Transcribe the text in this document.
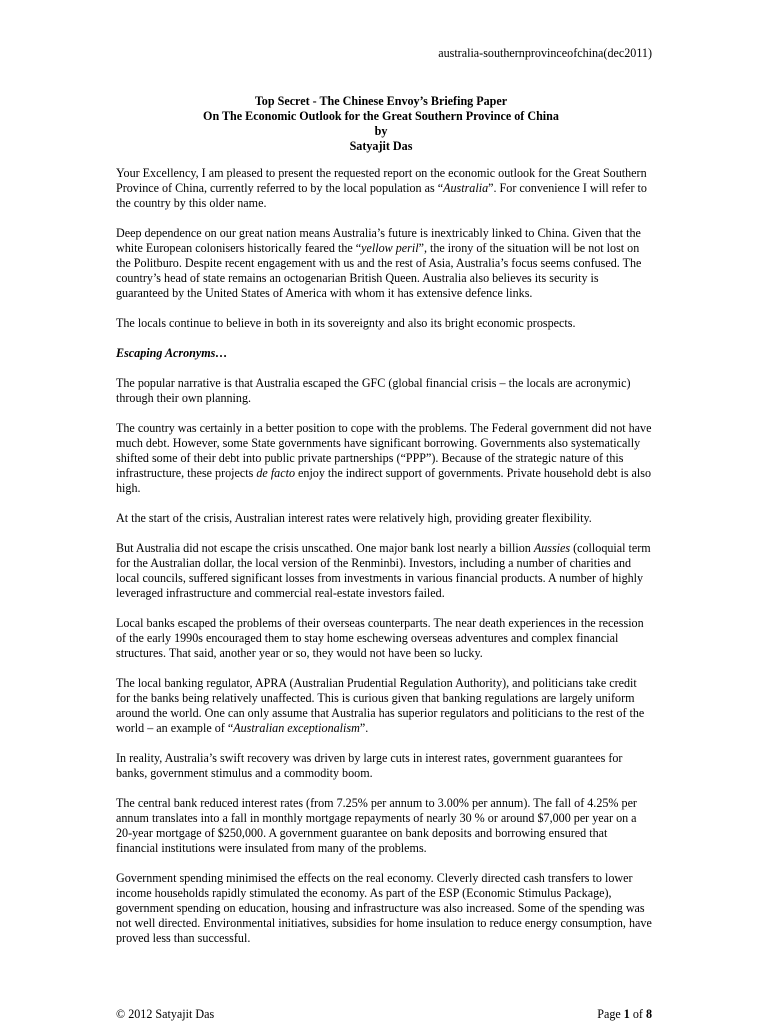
australia-southernprovinceofchina(dec2011)
Top Secret - The Chinese Envoy’s Briefing Paper
On The Economic Outlook for the Great Southern Province of China
by
Satyajit Das

Your Excellency, I am pleased to present the requested report on the economic outlook for the Great Southern Province of China, currently referred to by the local population as “Australia”. For convenience I will refer to the country by this older name.

Deep dependence on our great nation means Australia’s future is inextricably linked to China. Given that the white European colonisers historically feared the “yellow peril”, the irony of the situation will be not lost on the Politburo. Despite recent engagement with us and the rest of Asia, Australia’s focus seems confused. The country’s head of state remains an octogenarian British Queen. Australia also believes its security is guaranteed by the United States of America with whom it has extensive defence links.

The locals continue to believe in both in its sovereignty and also its bright economic prospects.

Escaping Acronyms…

The popular narrative is that Australia escaped the GFC (global financial crisis – the locals are acronymic) through their own planning.

The country was certainly in a better position to cope with the problems. The Federal government did not have much debt. However, some State governments have significant borrowing. Governments also systematically shifted some of their debt into public private partnerships (“PPP”). Because of the strategic nature of this infrastructure, these projects de facto enjoy the indirect support of governments. Private household debt is also high.

At the start of the crisis, Australian interest rates were relatively high, providing greater flexibility.

But Australia did not escape the crisis unscathed. One major bank lost nearly a billion Aussies (colloquial term for the Australian dollar, the local version of the Renminbi). Investors, including a number of charities and local councils, suffered significant losses from investments in various financial products. A number of highly leveraged infrastructure and commercial real-estate investors failed.

Local banks escaped the problems of their overseas counterparts. The near death experiences in the recession of the early 1990s encouraged them to stay home eschewing overseas adventures and complex financial structures. That said, another year or so, they would not have been so lucky.

The local banking regulator, APRA (Australian Prudential Regulation Authority), and politicians take credit for the banks being relatively unaffected. This is curious given that banking regulations are largely uniform around the world. One can only assume that Australia has superior regulators and politicians to the rest of the world – an example of “Australian exceptionalism”.

In reality, Australia’s swift recovery was driven by large cuts in interest rates, government guarantees for banks, government stimulus and a commodity boom.

The central bank reduced interest rates (from 7.25% per annum to 3.00% per annum). The fall of 4.25% per annum translates into a fall in monthly mortgage repayments of nearly 30 % or around $7,000 per year on a 20-year mortgage of $250,000. A government guarantee on bank deposits and borrowing ensured that financial institutions were insulated from many of the problems.

Government spending minimised the effects on the real economy. Cleverly directed cash transfers to lower income households rapidly stimulated the economy. As part of the ESP (Economic Stimulus Package), government spending on education, housing and infrastructure was also increased. Some of the spending was not well directed. Environmental initiatives, subsidies for home insulation to reduce energy consumption, have proved less than successful.

© 2012 Satyajit Das	Page 1 of 8
